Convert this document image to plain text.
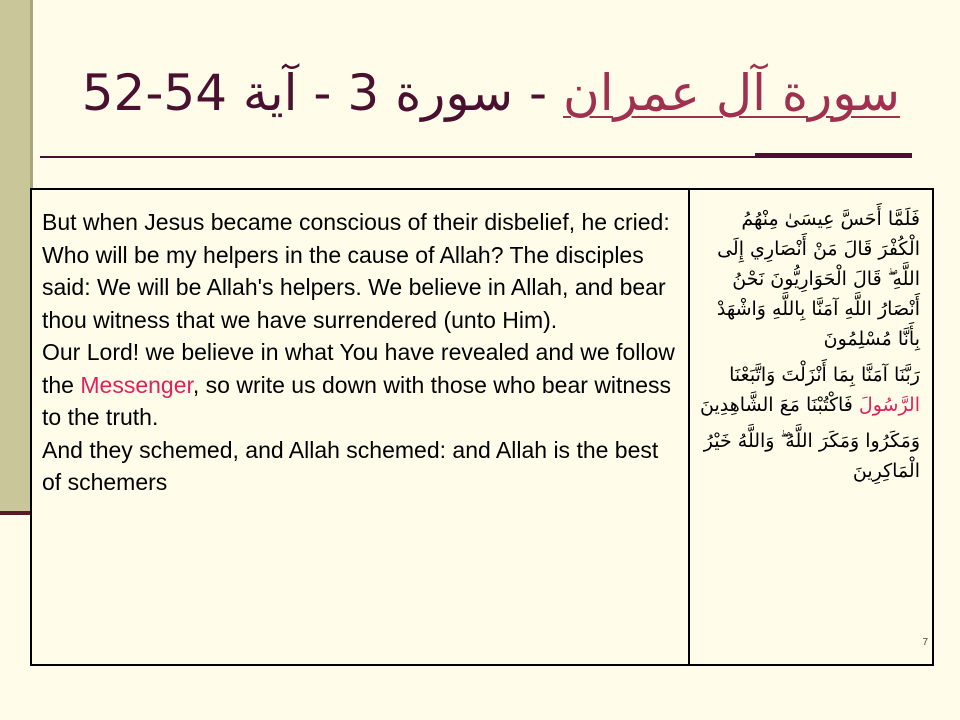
سورة آل عمران - سورة 3 - آية 52-54

But when Jesus became conscious of their disbelief, he cried: Who will be my helpers in the cause of Allah? The disciples said: We will be Allah's helpers. We believe in Allah, and bear thou witness that we have surrendered (unto Him).

Our Lord! we believe in what You have revealed and we follow the Messenger, so write us down with those who bear witness to the truth.

And they schemed, and Allah schemed: and Allah is the best of schemers

فَلَمَّا أَحَسَّ عِيسَىٰ مِنْهُمُ الْكُفْرَ قَالَ مَنْ أَنْصَارِي إِلَى اللَّهِ ۖ قَالَ الْحَوَارِيُّونَ نَحْنُ أَنْصَارُ اللَّهِ آمَنَّا بِاللَّهِ وَاشْهَدْ بِأَنَّا مُسْلِمُونَ

رَبَّنَا آمَنَّا بِمَا أَنْزَلْتَ وَاتَّبَعْنَا الرَّسُولَ فَاكْتُبْنَا مَعَ الشَّاهِدِينَ

وَمَكَرُوا وَمَكَرَ اللَّهُ ۖ وَاللَّهُ خَيْرُ الْمَاكِرِينَ

7
